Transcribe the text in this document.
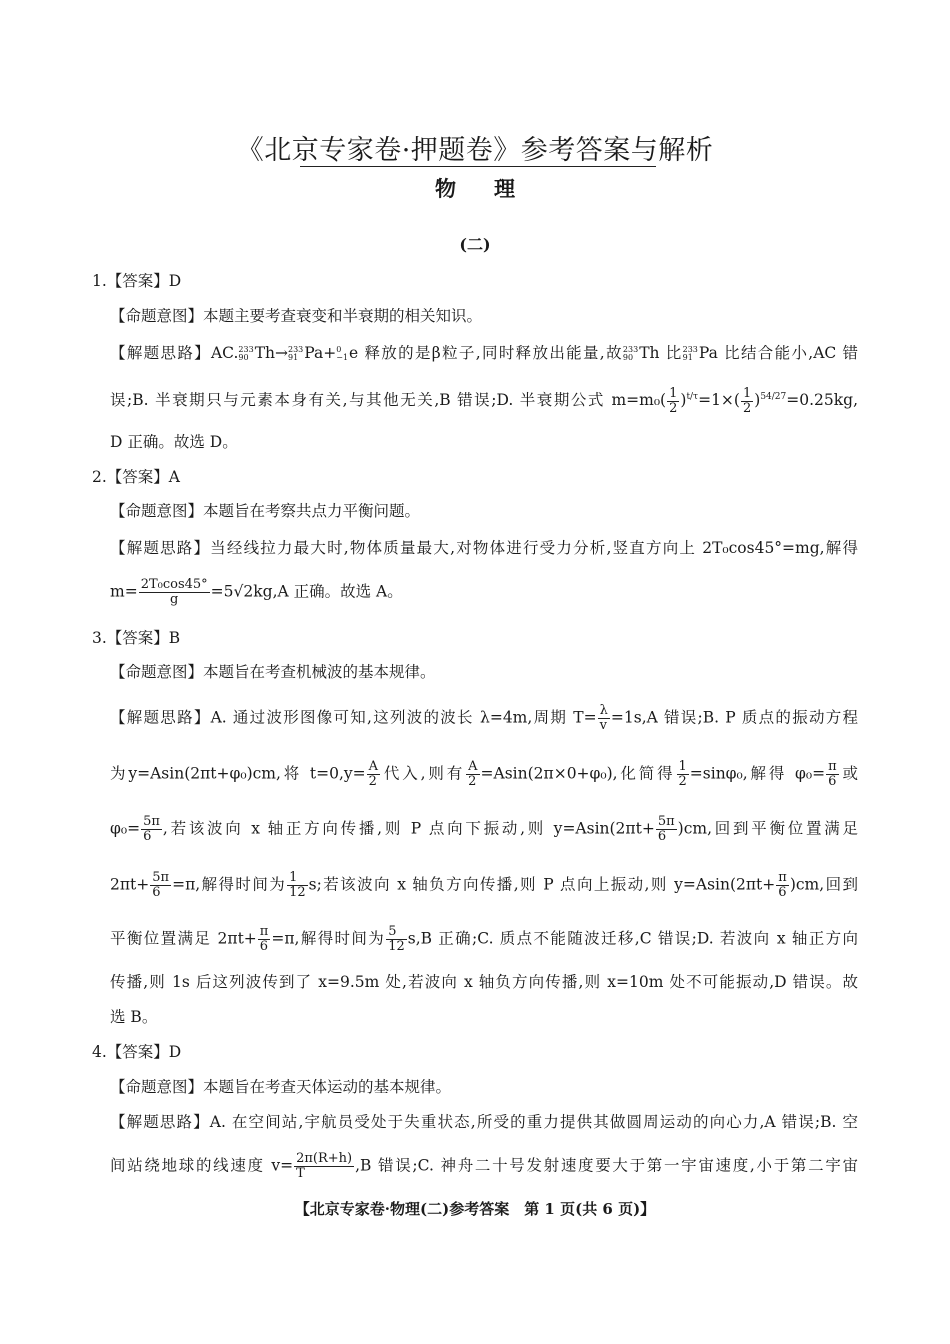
《北京专家卷·押题卷》参考答案与解析
物理
(二)
1.【答案】D
【命题意图】本题主要考查衰变和半衰期的相关知识。
【解题思路】AC.233
90 Th→233
91 Pa+0
−1e 释放的是β粒子,同时释放出能量,故233
90 Th 比233
91 Pa 比结合能小,AC 错
误;B. 半衰期只与元素本身有关,与其他无关,B 错误;D. 半衰期公式 $m=m_0( \frac{1}{2} )^{t/\tau}=1\times( \frac{1}{2} )^{54/27}=0.25kg$,
D 正确。故选 D。
2.【答案】A
【命题意图】本题旨在考察共点力平衡问题。
【解题思路】当经线拉力最大时,物体质量最大,对物体进行受力分析,竖直方向上 2T₀cos45°=mg,解得
$m= \frac{\text{2T₀cos45°}}{g} =5√2kg,A$ 正确。故选 A。
3.【答案】B
【命题意图】本题旨在考查机械波的基本规律。
【解题思路】A. 通过波形图像可知,这列波的波长 λ=4m,周期 $T= \frac{\lambda}{v} =1s,A$ 错误;B. P 质点的振动方程
为y=Asin(2πt+φ₀)cm,将 $t=0,y= \frac{A}{2}$ 代入,则有 $\frac{A}{2} =Asin(2\pi\times 0+\varphi_0)$,化简得 $\frac{1}{2} =\sin\varphi_0$,解得 $\varphi_0= \frac{\pi}{6}$ 或
$\varphi_0= \frac{5\pi}{6}$ ,若该波向 x 轴正方向传播,则 P 点向下振动,则 $y=Asin(2\pi t+ \frac{5\pi}{6} )cm$,回到平衡位置满足
$2\pi t+ \frac{5\pi}{6} =\pi$,解得时间为 $\frac{1}{12} s$;若该波向 x 轴负方向传播,则 P 点向上振动,则 $y=Asin(2\pi t+ \frac{\pi}{6} )cm$,回到
平衡位置满足 $2\pi t+ \frac{\pi}{6} =\pi$,解得时间为 $\frac{5}{12} s,B$ 正确;C. 质点不能随波迁移,C 错误;D. 若波向 x 轴正方向
传播,则 1s 后这列波传到了 x=9.5m 处,若波向 x 轴负方向传播,则 x=10m 处不可能振动,D 错误。故
选 B。
4.【答案】D
【命题意图】本题旨在考查天体运动的基本规律。
【解题思路】A. 在空间站,宇航员受处于失重状态,所受的重力提供其做圆周运动的向心力,A 错误;B. 空
间站绕地球的线速度 $v= \frac{2\pi(R+h)}{T} ,B$ 错误;C. 神舟二十号发射速度要大于第一宇宙速度,小于第二宇宙
【北京专家卷·物理(二)参考答案　第 1 页(共 6 页)】
